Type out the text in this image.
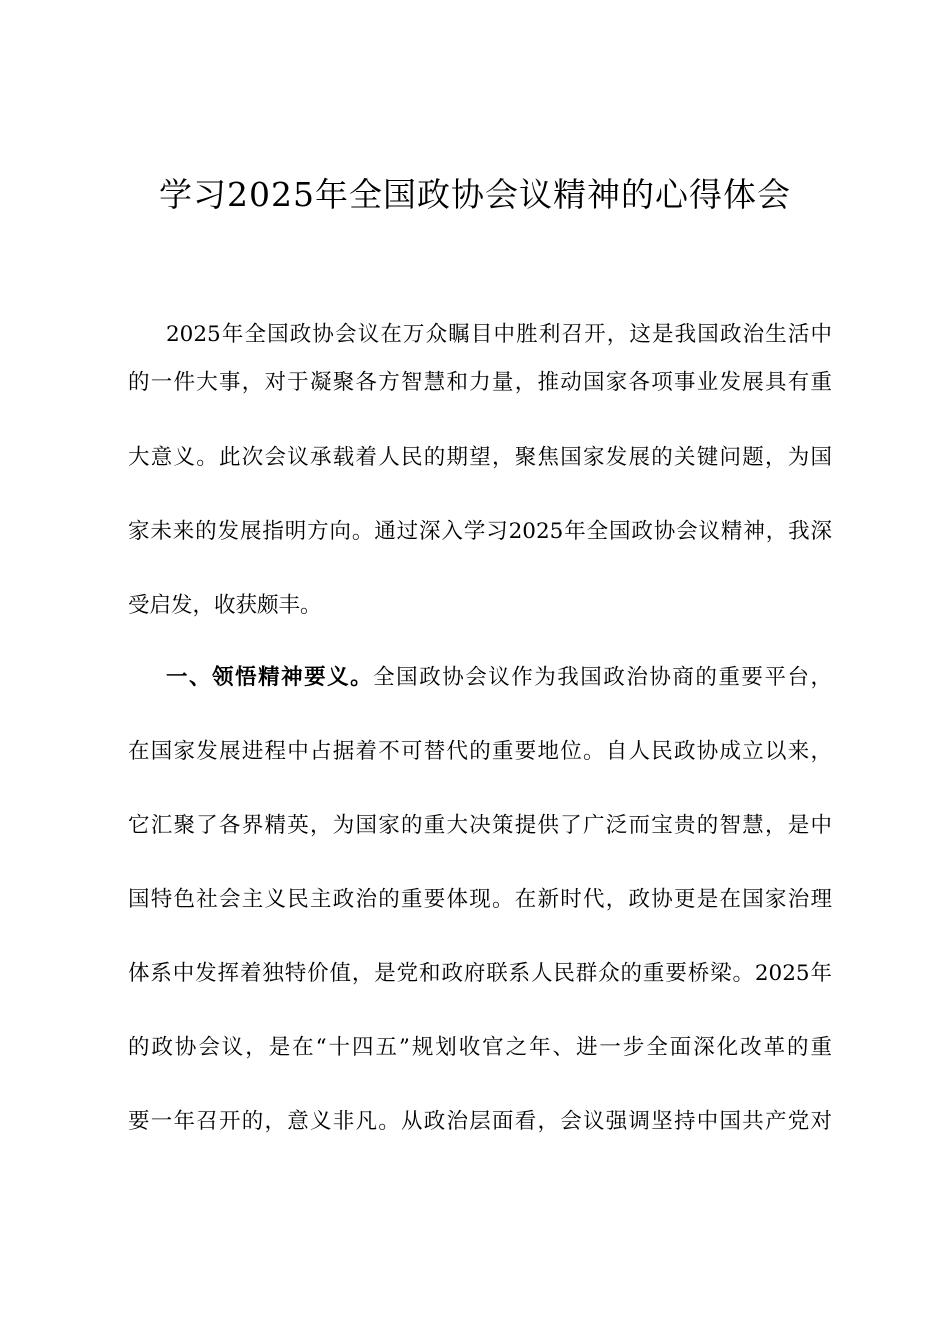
学习2025年全国政协会议精神的心得体会
2025年全国政协会议在万众瞩目中胜利召开，这是我国政治生活中
的一件大事，对于凝聚各方智慧和力量，推动国家各项事业发展具有重
大意义。此次会议承载着人民的期望，聚焦国家发展的关键问题，为国
家未来的发展指明方向。通过深入学习2025年全国政协会议精神，我深
受启发，收获颇丰。
一、领悟精神要义。全国政协会议作为我国政治协商的重要平台，
在国家发展进程中占据着不可替代的重要地位。自人民政协成立以来，
它汇聚了各界精英，为国家的重大决策提供了广泛而宝贵的智慧，是中
国特色社会主义民主政治的重要体现。在新时代，政协更是在国家治理
体系中发挥着独特价值，是党和政府联系人民群众的重要桥梁。2025年
的政协会议，是在“十四五”规划收官之年、进一步全面深化改革的重
要一年召开的，意义非凡。从政治层面看，会议强调坚持中国共产党对
